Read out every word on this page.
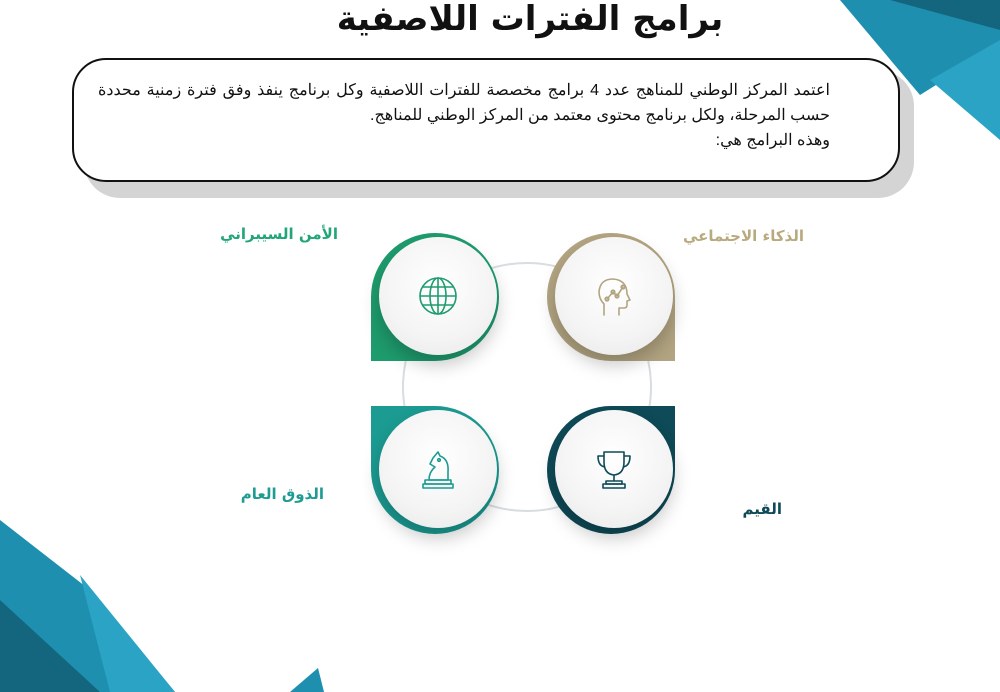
برامج الفترات اللاصفية

اعتمد المركز الوطني للمناهج عدد 4 برامج مخصصة للفترات اللاصفية وكل برنامج ينفذ وفق فترة زمنية محددة حسب المرحلة، ولكل برنامج محتوى معتمد من المركز الوطني للمناهج.

وهذه البرامج هي:

الذكاء الاجتماعي
الأمن السيبراني
الذوق العام
القيم
